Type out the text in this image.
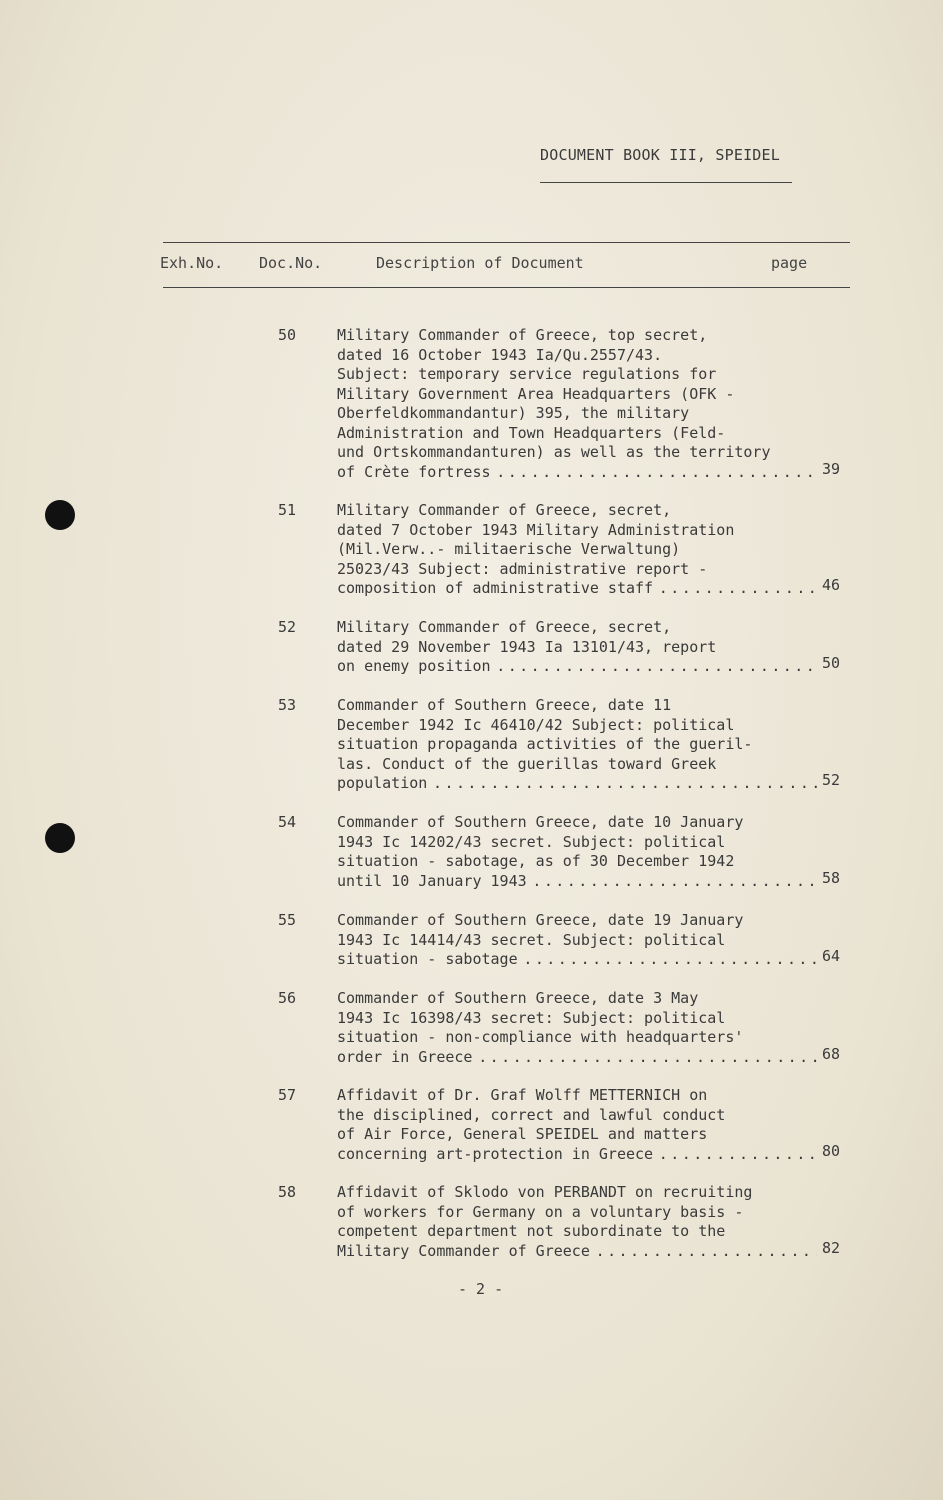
DOCUMENT BOOK III, SPEIDEL
Exh.No. Doc.No.	Description of Document	page
50	Military Commander of Greece, top secret,
dated 16 October 1943 Ia/Qu.2557/43.
Subject: temporary service regulations for
Military Government Area Headquarters (OFK -
Oberfeldkommandantur) 395, the military
Administration and Town Headquarters (Feld-
und Ortskommandanturen) as well as the territory
of Crète fortress . . .	39
51	Military Commander of Greece, secret,
dated 7 October 1943 Military Administration
(Mil.Verw..- militaerische Verwaltung)
25023/43 Subject: administrative report -
composition of administrative staff . . .	46
52	Military Commander of Greece, secret,
dated 29 November 1943 Ia 13101/43, report
on enemy position . . .	50
53	Commander of Southern Greece, date 11
December 1942 Ic 46410/42 Subject: political
situation propaganda activities of the gueril-
las. Conduct of the guerillas toward Greek
population . . .	52
54	Commander of Southern Greece, date 10 January
1943 Ic 14202/43 secret. Subject: political
situation - sabotage, as of 30 December 1942
until 10 January 1943 . . .	58
55	Commander of Southern Greece, date 19 January
1943 Ic 14414/43 secret. Subject: political
situation - sabotage . . .	64
56	Commander of Southern Greece, date 3 May
1943 Ic 16398/43 secret: Subject: political
situation - non-compliance with headquarters'
order in Greece . . .	68
57	Affidavit of Dr. Graf Wolff METTERNICH on
the disciplined, correct and lawful conduct
of Air Force, General SPEIDEL and matters
concerning art-protection in Greece . . .	80
58	Affidavit of Sklodo von PERBANDT on recruiting
of workers for Germany on a voluntary basis -
competent department not subordinate to the
Military Commander of Greece . . .	82
- 2 -
